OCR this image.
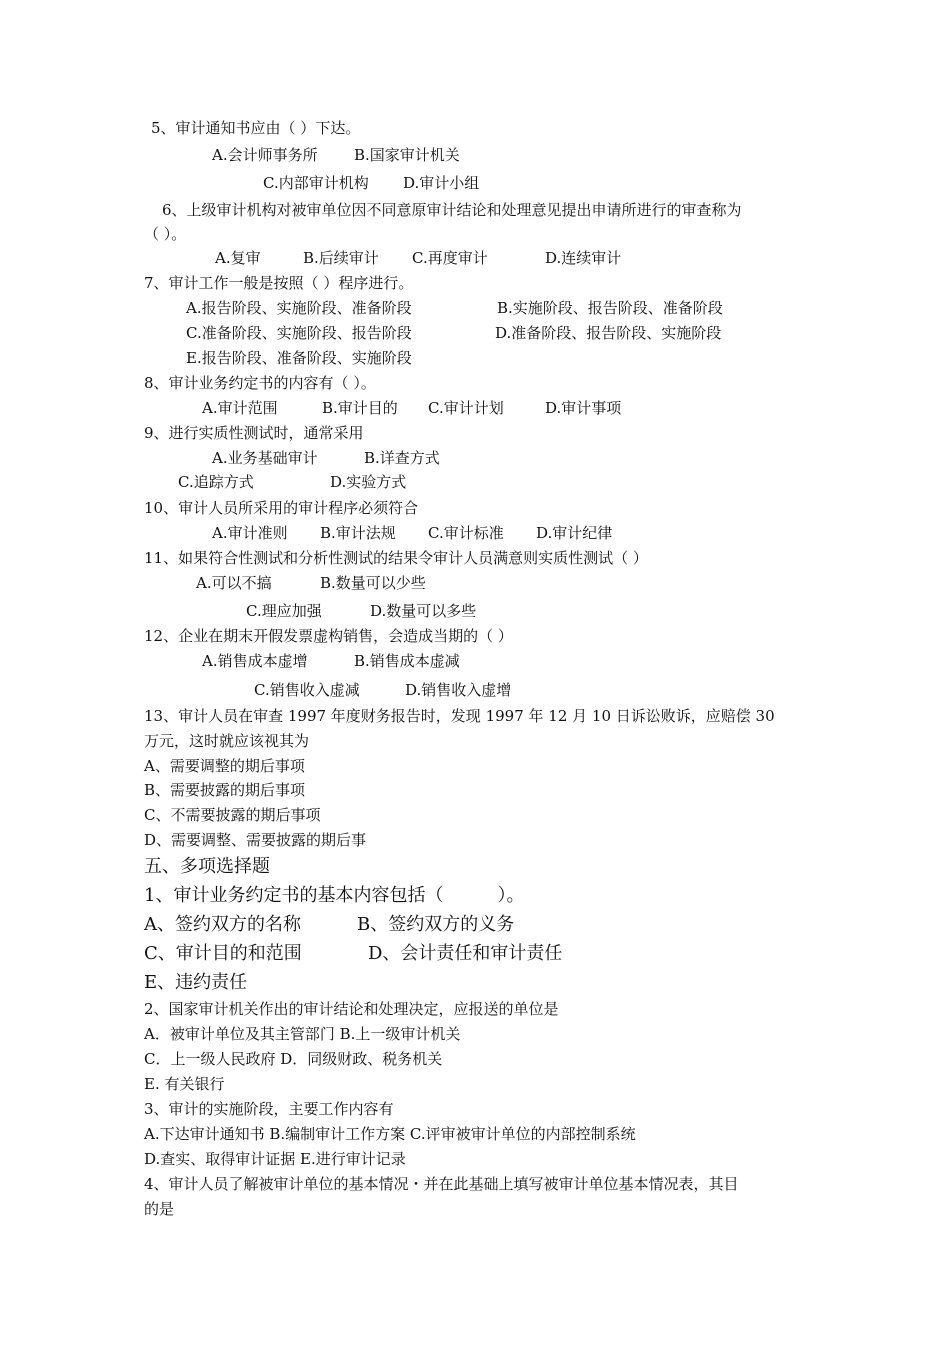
5、审计通知书应由（ ）下达。
A.会计师事务所 B.国家审计机关
C.内部审计机构 D.审计小组
6、上级审计机构对被审单位因不同意原审计结论和处理意见提出申请所进行的审查称为
（ ）。
A.复审	B.后续审计 C.再度审计	D.连续审计
7、审计工作一般是按照（ ）程序进行。
A.报告阶段、实施阶段、准备阶段	B.实施阶段、报告阶段、准备阶段
C.准备阶段、实施阶段、报告阶段	D.准备阶段、报告阶段、实施阶段
E.报告阶段、准备阶段、实施阶段
8、审计业务约定书的内容有（ ）。
A.审计范围	B.审计目的 C.审计计划	D.审计事项
9、进行实质性测试时，通常采用
A.业务基础审计	B.详查方式
C.追踪方式	D.实验方式
10、审计人员所采用的审计程序必须符合
A.审计准则 B.审计法规 C.审计标准 D.审计纪律
11、如果符合性测试和分析性测试的结果令审计人员满意则实质性测试（ ）
A.可以不搞	B.数量可以少些
C.理应加强	D.数量可以多些
12、企业在期末开假发票虚构销售，会造成当期的（ ）
A.销售成本虚增	B.销售成本虚减
C.销售收入虚减	D.销售收入虚增
13、审计人员在审查 1997 年度财务报告时，发现 1997 年 12 月 10 日诉讼败诉，应赔偿 30
万元，这时就应该视其为
A、需要调整的期后事项
B、需要披露的期后事项
C、不需要披露的期后事项
D、需要调整、需要披露的期后事
五、多项选择题
1、审计业务约定书的基本内容包括（　　　）。
A、签约双方的名称	B、签约双方的义务
C、审计目的和范围	D、会计责任和审计责任
E、违约责任
2、国家审计机关作出的审计结论和处理决定，应报送的单位是
A．被审计单位及其主管部门 B.上一级审计机关
C．上一级人民政府 D．同级财政、税务机关
E. 有关银行
3、审计的实施阶段，主要工作内容有
A.下达审计通知书 B.编制审计工作方案 C.评审被审计单位的内部控制系统
D.查实、取得审计证据 E.进行审计记录
4、审计人员了解被审计单位的基本情况・并在此基础上填写被审计单位基本情况表，其目
的是
